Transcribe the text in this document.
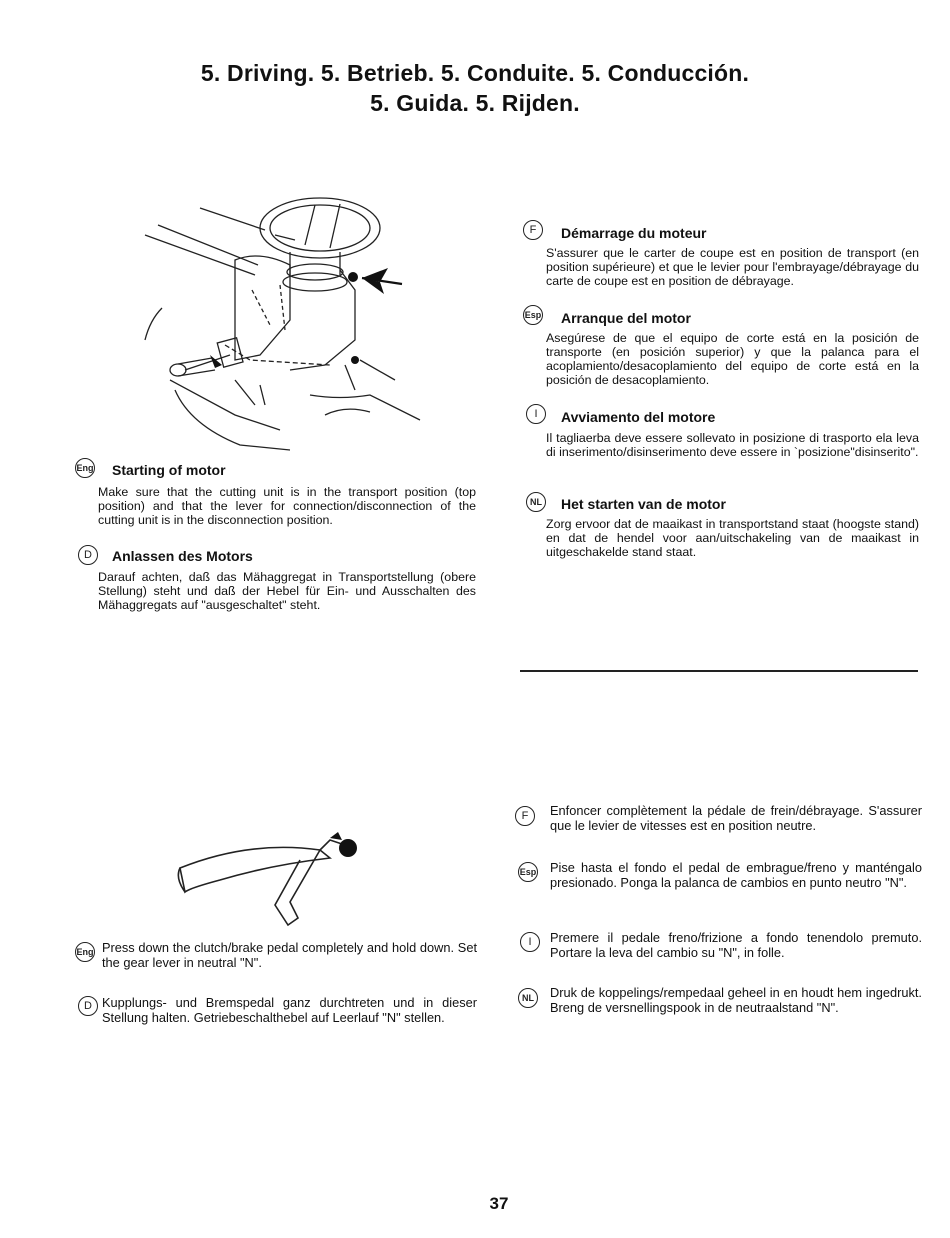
5. Driving. 5. Betrieb. 5. Conduite. 5. Conducción.
5. Guida. 5. Rijden.
Eng Starting of motor
Make sure that the cutting unit is in the transport position (top position) and that the lever for connection/disconnection of the cutting unit is in the disconnection position.
D	Anlassen des Motors
Darauf achten, daß das Mähaggregat in Transportstellung (obere Stellung) steht und daß der Hebel für Ein- und Ausschalten des Mähaggregats auf "ausgeschaltet" steht.
F	Démarrage du moteur
S'assurer que le carter de coupe est en position de transport (en position supérieure) et que le levier pour l'embrayage/débrayage du carte de coupe est en position de débrayage.
Esp Arranque del motor
Asegúrese de que el equipo de corte está en la posición de transporte (en posición superior) y que la palanca para el acoplamiento/desacoplamiento del equipo de corte está en la posición de desacoplamiento.
I	Avviamento del motore
Il tagliaerba deve essere sollevato in posizione di trasporto ela leva di inserimento/disinserimento deve essere in `posizione"disinserito".
NL Het starten van de motor
Zorg ervoor dat de maaikast in transportstand staat (hoogste stand) en dat de hendel voor aan/uitschakeling van de maaikast in uitgeschakelde stand staat.
Eng Press down the clutch/brake pedal completely and hold down. Set the gear lever in neutral "N".
D Kupplungs- und Bremspedal ganz durchtreten und in dieser Stellung halten. Getriebeschalthebel auf Leerlauf "N" stellen.
F	Enfoncer complètement la pédale de frein/débrayage. S'assurer que le levier de vitesses est en position neutre.
Esp Pise hasta el fondo el pedal de embrague/freno y manténgalo presionado. Ponga la palanca de cambios en punto neutro "N".
I	Premere il pedale freno/frizione a fondo tenendolo premuto. Portare la leva del cambio su "N", in folle.
NL	Druk de koppelings/rempedaal geheel in en houdt hem ingedrukt. Breng de versnellingspook in de neutraalstand "N".
37
